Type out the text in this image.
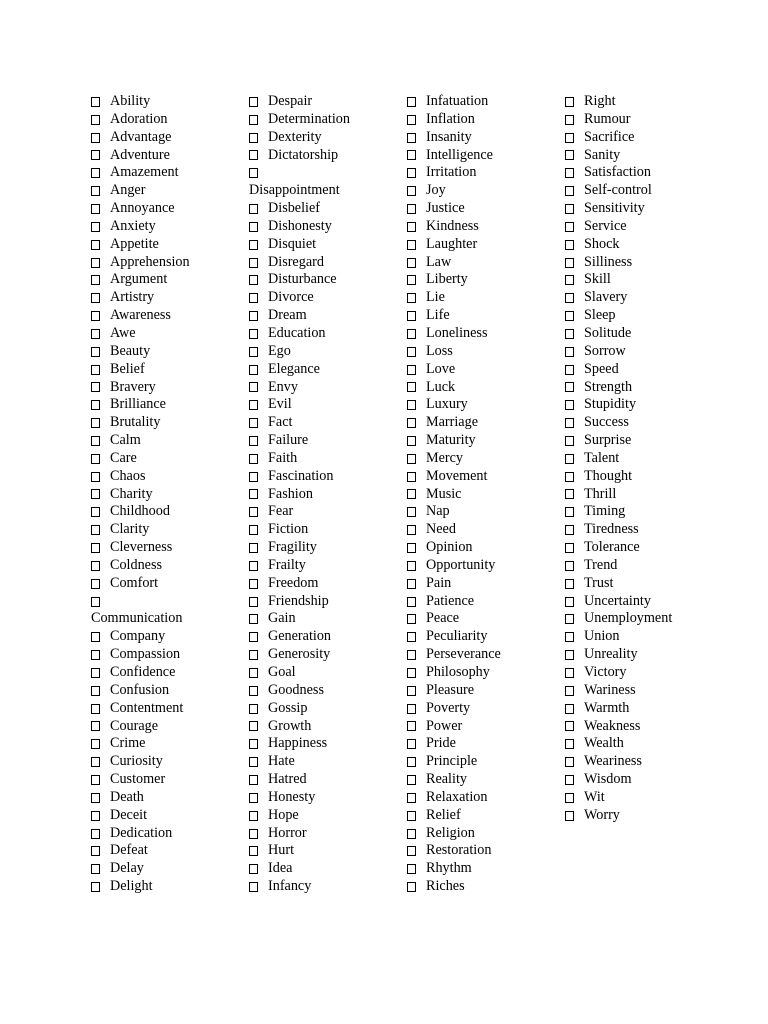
Ability
Adoration
Advantage
Adventure
Amazement
Anger
Annoyance
Anxiety
Appetite
Apprehension
Argument
Artistry
Awareness
Awe
Beauty
Belief
Bravery
Brilliance
Brutality
Calm
Care
Chaos
Charity
Childhood
Clarity
Cleverness
Coldness
Comfort
Communication
Company
Compassion
Confidence
Confusion
Contentment
Courage
Crime
Curiosity
Customer
Death
Deceit
Dedication
Defeat
Delay
Delight
Despair
Determination
Dexterity
Dictatorship
Disappointment
Disbelief
Dishonesty
Disquiet
Disregard
Disturbance
Divorce
Dream
Education
Ego
Elegance
Envy
Evil
Fact
Failure
Faith
Fascination
Fashion
Fear
Fiction
Fragility
Frailty
Freedom
Friendship
Gain
Generation
Generosity
Goal
Goodness
Gossip
Growth
Happiness
Hate
Hatred
Honesty
Hope
Horror
Hurt
Idea
Infancy
Infatuation
Inflation
Insanity
Intelligence
Irritation
Joy
Justice
Kindness
Laughter
Law
Liberty
Lie
Life
Loneliness
Loss
Love
Luck
Luxury
Marriage
Maturity
Mercy
Movement
Music
Nap
Need
Opinion
Opportunity
Pain
Patience
Peace
Peculiarity
Perseverance
Philosophy
Pleasure
Poverty
Power
Pride
Principle
Reality
Relaxation
Relief
Religion
Restoration
Rhythm
Riches
Right
Rumour
Sacrifice
Sanity
Satisfaction
Self-control
Sensitivity
Service
Shock
Silliness
Skill
Slavery
Sleep
Solitude
Sorrow
Speed
Strength
Stupidity
Success
Surprise
Talent
Thought
Thrill
Timing
Tiredness
Tolerance
Trend
Trust
Uncertainty
Unemployment
Union
Unreality
Victory
Wariness
Warmth
Weakness
Wealth
Weariness
Wisdom
Wit
Worry
